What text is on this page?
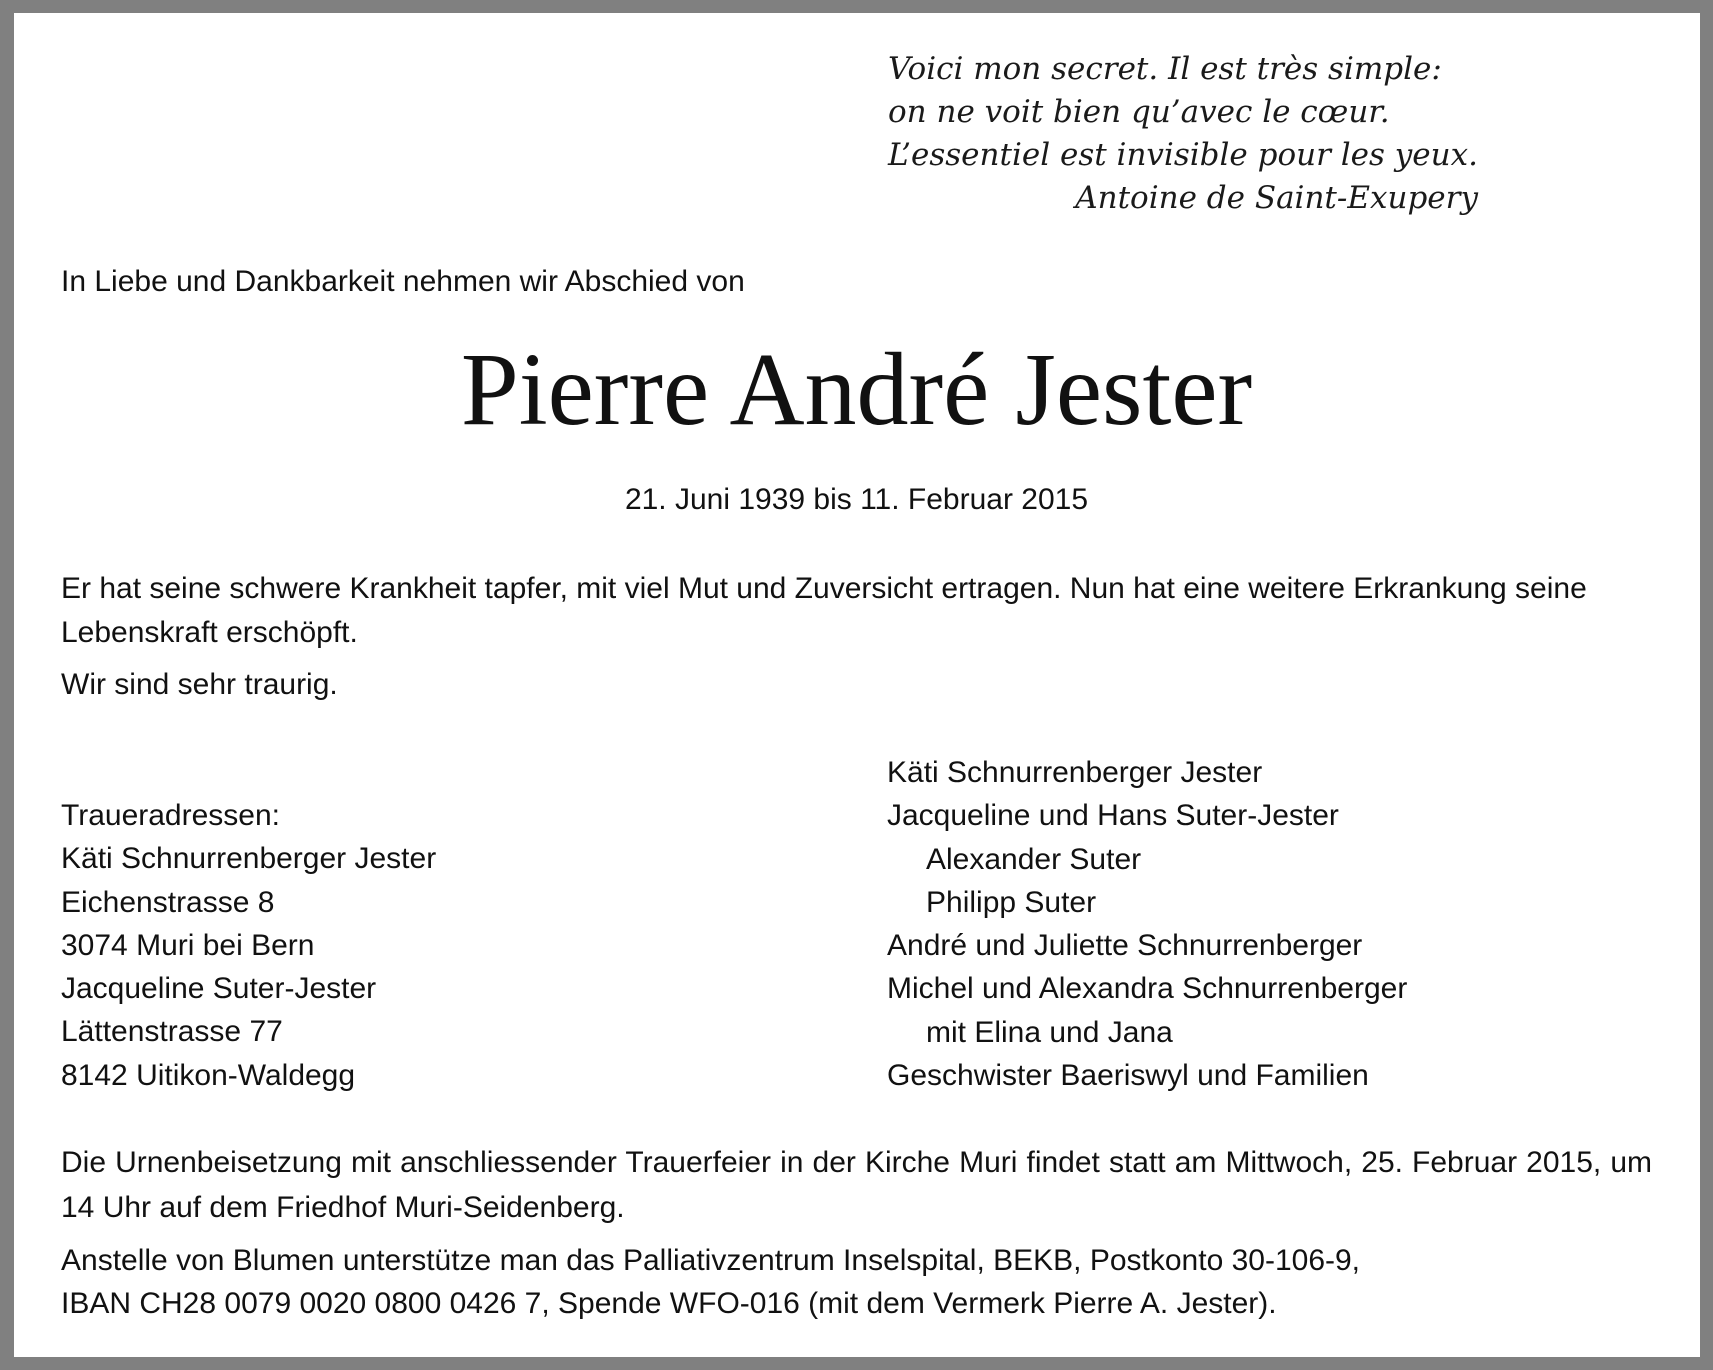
Voici mon secret. Il est très simple:
on ne voit bien qu’avec le cœur.
L’essentiel est invisible pour les yeux.
Antoine de Saint-Exupery
In Liebe und Dankbarkeit nehmen wir Abschied von
Pierre André Jester
21. Juni 1939 bis 11. Februar 2015
Er hat seine schwere Krankheit tapfer, mit viel Mut und Zuversicht ertragen. Nun hat eine weitere Erkrankung seine Lebenskraft erschöpft.
Wir sind sehr traurig.
Traueradressen:
Käti Schnurrenberger Jester
Eichenstrasse 8
3074 Muri bei Bern
Jacqueline Suter-Jester
Lättenstrasse 77
8142 Uitikon-Waldegg
Käti Schnurrenberger Jester
Jacqueline und Hans Suter-Jester
Alexander Suter
Philipp Suter
André und Juliette Schnurrenberger
Michel und Alexandra Schnurrenberger
mit Elina und Jana
Geschwister Baeriswyl und Familien
Die Urnenbeisetzung mit anschliessender Trauerfeier in der Kirche Muri findet statt am Mittwoch, 25. Februar 2015, um 14 Uhr auf dem Friedhof Muri-Seidenberg.
Anstelle von Blumen unterstütze man das Palliativzentrum Inselspital, BEKB, Postkonto 30-106-9,
IBAN CH28 0079 0020 0800 0426 7, Spende WFO-016 (mit dem Vermerk Pierre A. Jester).
